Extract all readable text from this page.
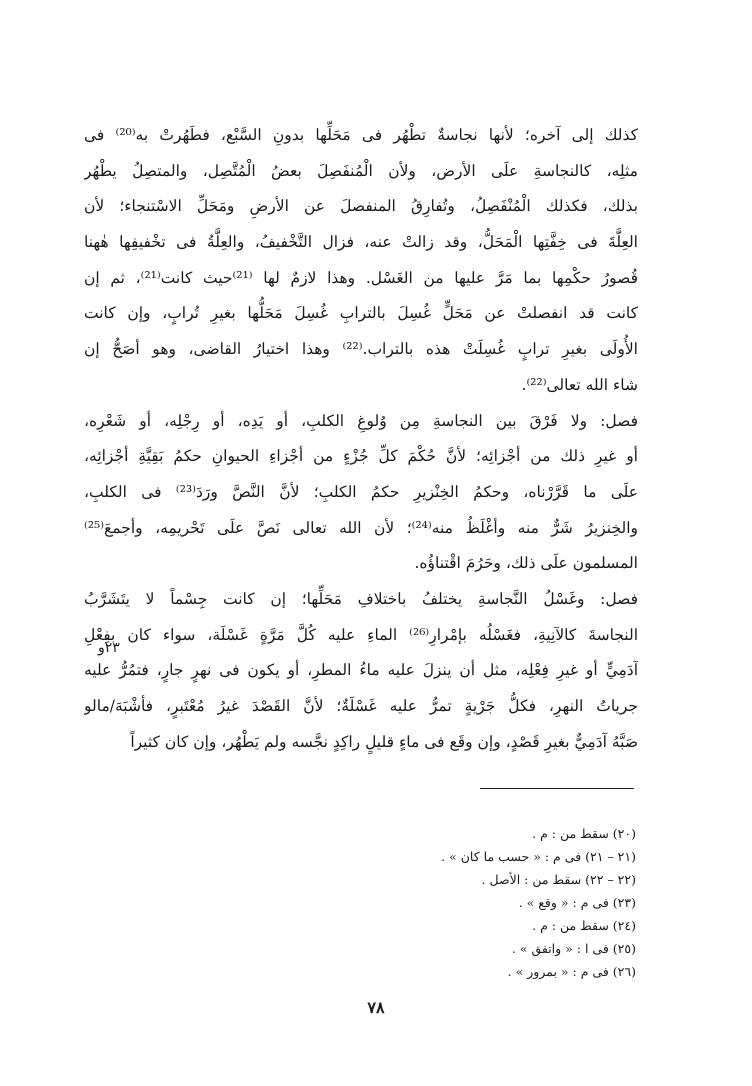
كذلك إلى آخره؛ لأنها نجاسةٌ تطْهُر فى مَحَلِّها بدونِ السَّبْع، فطَهُرتْ به⁽²⁰⁾ فى
مثلِه، كالنجاسةِ علَى الأرض، ولأن الْمُنفَصِلَ بعضُ الْمُتَّصِل، والمتصِلُ يطْهُر
بذلك، فكذلك الْمُنْفَصِلُ، وتُفارِقُ المنفصلَ عن الأرضِ ومَحَلِّ الاسْتنجاء؛ لأن
العِلَّةَ فى خِفَّتِها الْمَحَلُّ، وقد زالتْ عنه، فزال التَّخْفيفُ، والعِلَّةُ فى تخْفيفِها هٰهنا
قُصورُ حكْمِها بما مَرَّ عليها من الغَسْل. وهذا لازمٌ لها ⁽²¹⁾حيث كانت⁽²¹⁾، ثم إن
كانت قد انفصلتْ عن مَحَلٍّ غُسِلَ بالترابِ غُسِلَ مَحَلُّها بغيرِ تُرابٍ، وإن كانت
الأُولَى بغيرِ ترابٍ غُسِلَتْ هذه بالتراب.⁽²²⁾ وهذا اختيارُ القاضى، وهو أصَحُّ إن
شاء الله تعالى⁽²²⁾.
فصل: ولا فَرْقَ بين النجاسةِ مِن وُلوغِ الكلبِ، أو يَدِه، أو رِجْلِه، أو شَعْرِه،
أو غيرِ ذلك من أجْزائِه؛ لأنَّ حُكْمَ كلِّ جُزْءٍ من أجْزاءِ الحيوانِ حكمُ بَقِيَّةِ أجْزائِه،
علَى ما قَرَّرْناه، وحكمُ الخِنْزيرِ حكمُ الكلبِ؛ لأنَّ النَّصَّ ورَدَ⁽²³⁾ فى الكلبِ،
والخِنزيرُ شَرٌّ منه وأغْلَظُ منه⁽²⁴⁾؛ لأن الله تعالى نَصَّ علَى تَحْريمِه، وأجمعَ⁽²⁵⁾
المسلمون علَى ذلك، وحَرُمَ اقْتناؤُه.
فصل: وغَسْلُ النَّجاسةِ يختلفُ باختلافِ مَحَلِّها؛ إن كانت جِسْماً لا يتَشَرَّبُ
النجاسةَ كالآنِيةِ، فغَسْلُه بإمْرارِ⁽²⁶⁾ الماءِ عليه كُلَّ مَرَّةٍ غَسْلَة، سواء كان بفِعْلِ
آدَمِيٍّ أو غيرِ فِعْلِه، مثل أن ينزلَ عليه ماءُ المطرِ، أو يكون فى نهرٍ جارٍ، فتمُرُّ عليه
جرياتُ النهرِ، فكلُّ جَرْيةٍ تمرُّ عليه غَسْلَةٌ؛ لأنَّ القَصْدَ غيرُ مُعْتَبرٍ، فأشْبَهَ/مالو
صَبَّهُ آدَمِيٌّ بغيرِ قَصْدٍ، وإن وقَع فى ماءٍ قليلٍ راكِدٍ نجَّسه ولم يَطْهُر، وإن كان كثيراً
٢٣و
(٢٠) سقط من : م .
(٢١ – ٢١) فى م : « حسب ما كان » .
(٢٢ – ٢٢) سقط من : الأصل .
(٢٣) فى م : « وقع » .
(٢٤) سقط من : م .
(٢٥) فى ا : « واتفق » .
(٢٦) فى م : « بمرور » .
٧٨
